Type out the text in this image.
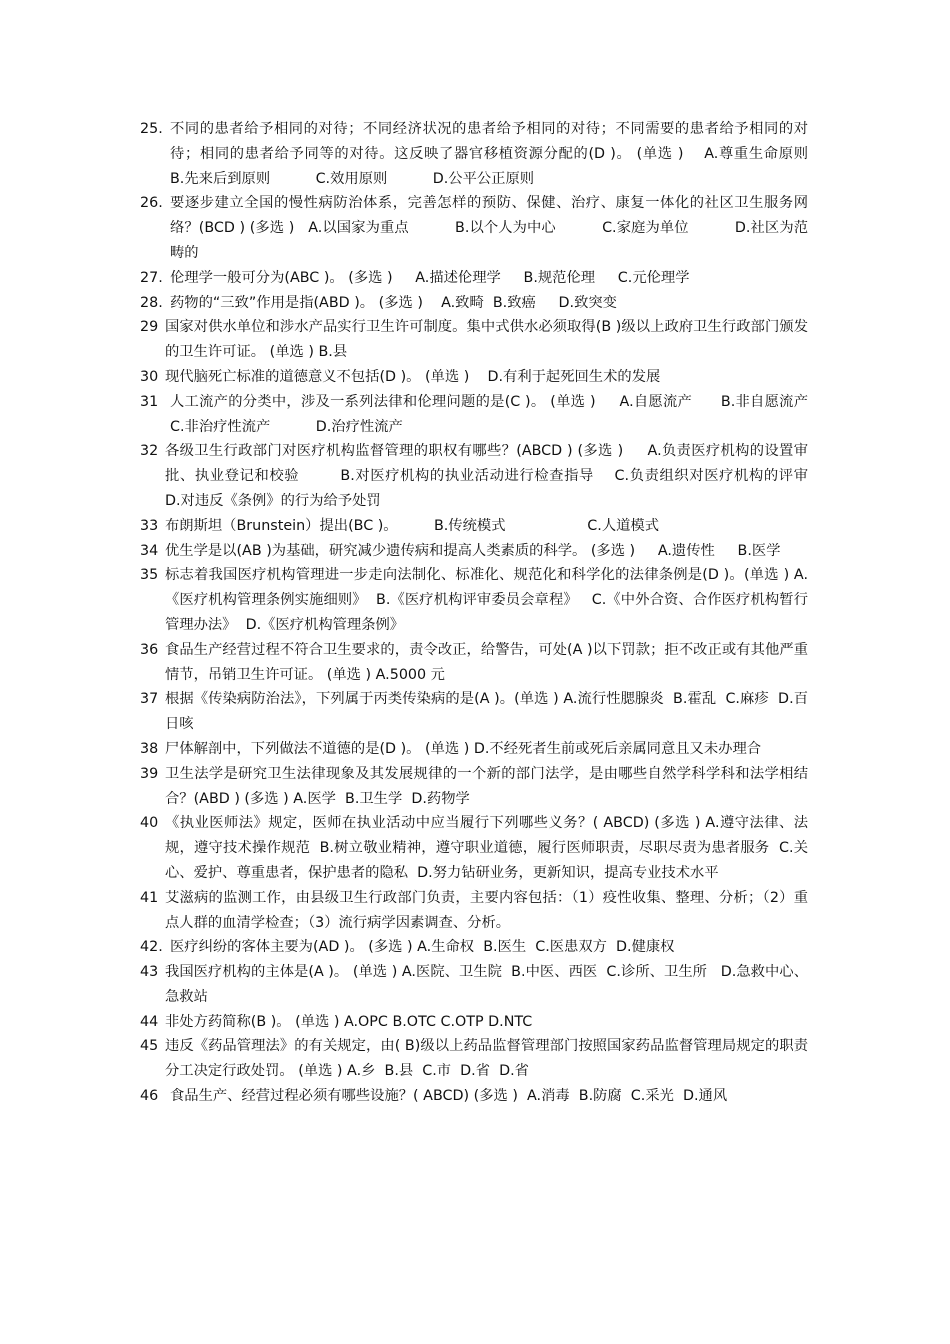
25. 不同的患者给予相同的对待；不同经济状况的患者给予相同的对待；不同需要的患者给予相同的对待；相同的患者给予同等的对待。这反映了器官移植资源分配的(D )。 (单选 )    A.尊重生命原则          B.先来后到原则          C.效用原则          D.公平公正原则

26. 要逐步建立全国的慢性病防治体系，完善怎样的预防、保健、治疗、康复一体化的社区卫生服务网络？(BCD ) (多选 )   A.以国家为重点          B.以个人为中心          C.家庭为单位          D.社区为范畴的

27. 伦理学一般可分为(ABC )。 (多选 )     A.描述伦理学     B.规范伦理     C.元伦理学

28. 药物的“三致”作用是指(ABD )。 (多选 )    A.致畸  B.致癌     D.致突变

29 国家对供水单位和涉水产品实行卫生许可制度。集中式供水必须取得(B )级以上政府卫生行政部门颁发的卫生许可证。 (单选 ) B.县

30 现代脑死亡标准的道德意义不包括(D )。 (单选 )    D.有利于起死回生术的发展

31 人工流产的分类中，涉及一系列法律和伦理问题的是(C )。 (单选 )     A.自愿流产      B.非自愿流产          C.非治疗性流产          D.治疗性流产

32 各级卫生行政部门对医疗机构监督管理的职权有哪些？(ABCD ) (多选 )     A.负责医疗机构的设置审批、执业登记和校验        B.对医疗机构的执业活动进行检查指导    C.负责组织对医疗机构的评审                             D.对违反《条例》的行为给予处罚

33 布朗斯坦（Brunstein）提出(BC )。        B.传统模式                  C.人道模式

34 优生学是以(AB )为基础，研究减少遗传病和提高人类素质的科学。 (多选 )     A.遗传性     B.医学

35 标志着我国医疗机构管理进一步走向法制化、标准化、规范化和科学化的法律条例是(D )。(单选 ) A.《医疗机构管理条例实施细则》  B.《医疗机构评审委员会章程》   C.《中外合资、合作医疗机构暂行管理办法》  D.《医疗机构管理条例》

36 食品生产经营过程不符合卫生要求的，责令改正，给警告，可处(A )以下罚款；拒不改正或有其他严重情节，吊销卫生许可证。 (单选 ) A.5000 元

37 根据《传染病防治法》，下列属于丙类传染病的是(A )。(单选 ) A.流行性腮腺炎  B.霍乱  C.麻疹  D.百日咳

38 尸体解剖中，下列做法不道德的是(D )。 (单选 ) D.不经死者生前或死后亲属同意且又未办理合

39 卫生法学是研究卫生法律现象及其发展规律的一个新的部门法学，是由哪些自然学科学科和法学相结合？(ABD ) (多选 ) A.医学  B.卫生学  D.药物学

40 《执业医师法》规定，医师在执业活动中应当履行下列哪些义务？( ABCD) (多选 ) A.遵守法律、法规，遵守技术操作规范  B.树立敬业精神，遵守职业道德，履行医师职责，尽职尽责为患者服务  C.关心、爱护、尊重患者，保护患者的隐私  D.努力钻研业务，更新知识，提高专业技术水平

41 艾滋病的监测工作，由县级卫生行政部门负责，主要内容包括：（1）疫性收集、整理、分析；（2）重点人群的血清学检查；（3）流行病学因素调查、分析。

42. 医疗纠纷的客体主要为(AD )。 (多选 ) A.生命权  B.医生  C.医患双方  D.健康权

43 我国医疗机构的主体是(A )。 (单选 ) A.医院、卫生院  B.中医、西医  C.诊所、卫生所   D.急救中心、急救站

44 非处方药简称(B )。 (单选 ) A.OPC B.OTC C.OTP D.NTC

45 违反《药品管理法》的有关规定，由( B)级以上药品监督管理部门按照国家药品监督管理局规定的职责分工决定行政处罚。 (单选 ) A.乡  B.县  C.市  D.省  D.省

46 食品生产、经营过程必须有哪些设施？( ABCD) (多选 )  A.消毒  B.防腐  C.采光  D.通风
